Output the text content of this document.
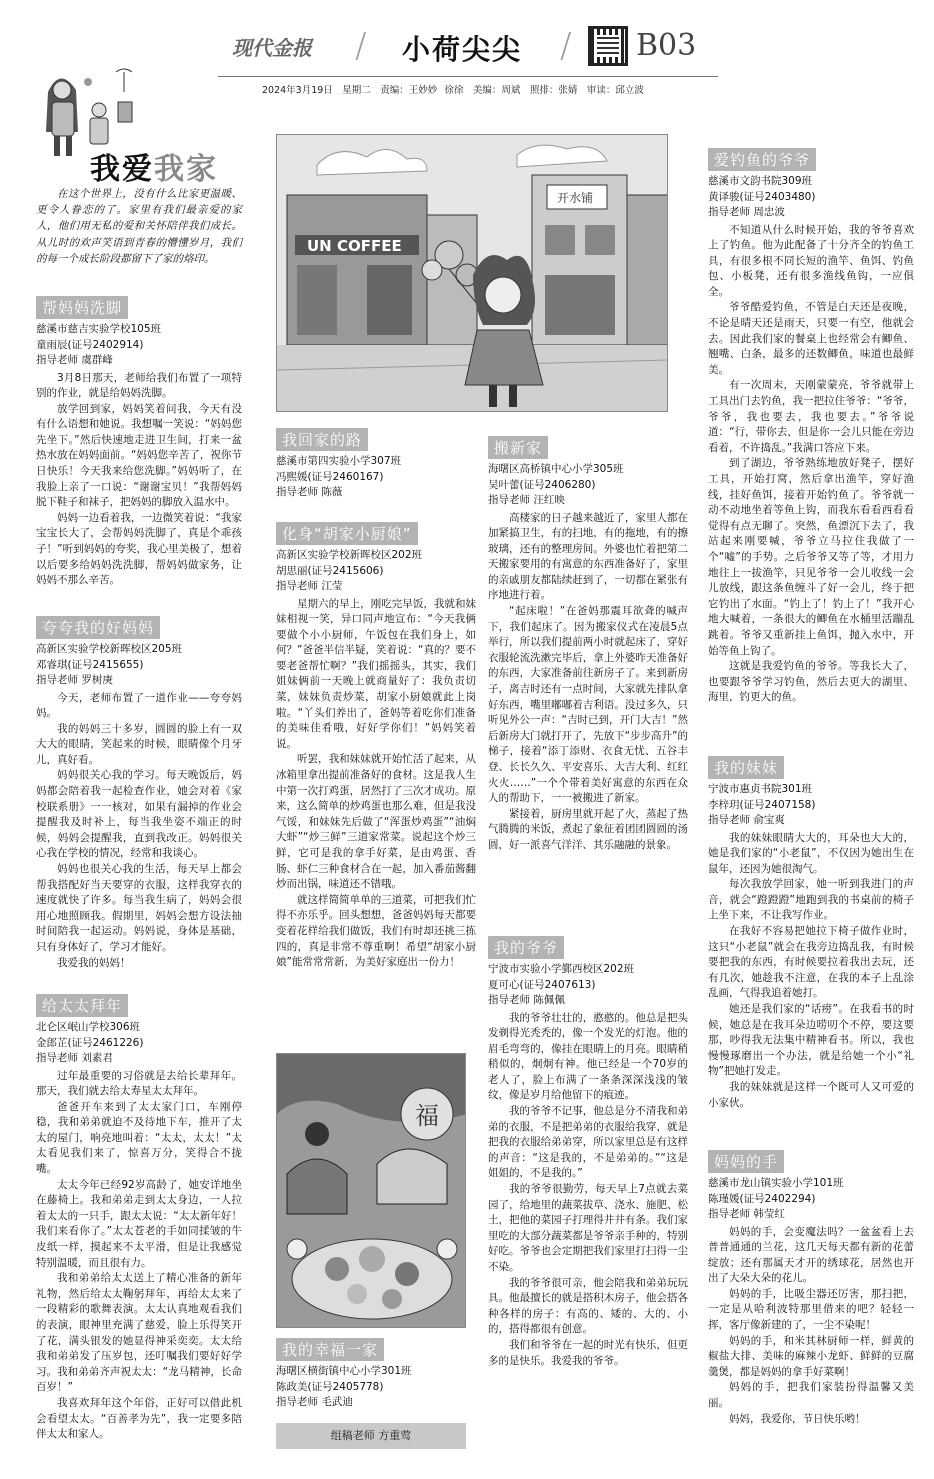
现代金报 / 小荷尖尖 / B03
2024年3月19日　星期二　责编：王妙妙 徐徐　美编：周斌　照排：张婧　审读：邱立波
我爱我家
在这个世界上，没有什么比家更温暖、更令人眷恋的了。家里有我们最亲爱的家人，他们用无私的爱和关怀陪伴我们成长。从儿时的欢声笑语到青春的懵懂岁月，我们的每一个成长阶段都留下了家的烙印。
UN COFFEE
开水铺
福
帮妈妈洗脚
慈溪市慈吉实验学校105班
童雨辰(证号2402914)
指导老师 虞群峰

3月8日那天，老师给我们布置了一项特别的作业，就是给妈妈洗脚。

放学回到家，妈妈笑着问我，今天有没有什么语想和她说。我想嘱一笑说：“妈妈您先坐下。”然后快速地走进卫生间，打来一盆热水放在妈妈面前。“妈妈您辛苦了，祝你节日快乐！今天我来给您洗脚。”妈妈听了，在我脸上亲了一口说：“谢谢宝贝！”我帮妈妈脱下鞋子和袜子，把妈妈的脚放入温水中。

妈妈一边看着我，一边微笑着说：“我家宝宝长大了，会帮妈妈洗脚了，真是个乖孩子！”听到妈妈的夸奖，我心里美极了，想着以后要多给妈妈洗洗脚，帮妈妈做家务，让妈妈不那么辛苦。

夸夸我的好妈妈
高新区实验学校新晖校区205班
邓睿琪(证号2415655)
指导老师 罗树庚

今天，老师布置了一道作业——夸夸妈妈。

我的妈妈三十多岁，圆圆的脸上有一双大大的眼睛，笑起来的时候，眼睛像个月牙儿，真好看。

妈妈很关心我的学习。每天晚饭后，妈妈都会陪着我一起检查作业，她会对着《家校联系册》一一核对，如果有漏掉的作业会提醒我及时补上，每当我坐姿不端正的时候，妈妈会提醒我，直到我改正。妈妈很关心我在学校的情况，经常和我谈心。

妈妈也很关心我的生活，每天早上都会帮我搭配好当天要穿的衣服，这样我穿衣的速度就快了许多。每当我生病了，妈妈会很用心地照顾我。假期里，妈妈会想方设法抽时间陪我一起运动。妈妈说，身体是基础，只有身体好了，学习才能好。

我爱我的妈妈！

给太太拜年
北仑区岷山学校306班
金郎芷(证号2461226)
指导老师 刘素君

过年最重要的习俗就是去给长辈拜年。那天，我们就去给太寿星太太拜年。

爸爸开车来到了太太家门口，车刚停稳，我和弟弟就迫不及待地下车，推开了太太的屋门，响亮地叫着：“太太，太太！”太太看见我们来了，惊喜万分，笑得合不拢嘴。

太太今年已经92岁高龄了，她安详地坐在藤椅上。我和弟弟走到太太身边，一人拉着太太的一只手，跟太太说：“太太新年好！我们来看你了。”太太苍老的手如同揉皱的牛皮纸一样，摸起来不太平滑，但是让我感觉特别温暖，而且很有力。

我和弟弟给太太送上了精心准备的新年礼物，然后给太太鞠躬拜年，再给太太来了一段精彩的歌舞表演。太太认真地观看我们的表演，眼神里充满了慈爱，脸上乐得笑开了花，满头银发的她显得神采奕奕。太太给我和弟弟发了压岁包，还叮嘱我们要好好学习。我和弟弟齐声祝太太：“龙马精神，长命百岁！”

我喜欢拜年这个年俗，正好可以借此机会看望太太。“百善孝为先”，我一定要多陪伴太太和家人。

我回家的路
慈溪市第四实验小学307班
冯熙媛(证号2460167)
指导老师 陈薇
化身“胡家小厨娘”
高新区实验学校新晖校区202班
胡思丽(证号2415606)
指导老师 江莹

星期六的早上，刚吃完早饭，我就和妹妹相视一笑，异口同声地宣布：“今天我俩要做个小小厨师，午饭包在我们身上，如何？”爸爸半信半疑，笑着说：“真的？要不要老爸帮忙啊？”我们摇摇头，其实，我们姐妹俩前一天晚上就商量好了：我负责切菜，妹妹负责炒菜，胡家小厨娘就此上岗啦。“丫头们养出了，爸妈等着吃你们准备的美味佳肴哦，好好学你们！”妈妈笑着说。

听罢，我和妹妹就开始忙活了起来，从冰箱里拿出提前准备好的食材。这是我人生中第一次打鸡蛋，居然打了三次才成功。原来，这么简单的炒鸡蛋也那么难，但是我没气馁，和妹妹先后做了“浑蛋炒鸡蛋”“油焖大虾”“炒三鲜”三道家常菜。说起这个炒三鲜，它可是我的拿手好菜，是由鸡蛋、香肠、虾仁三种食材合在一起，加入番茄酱翻炒而出锅，味道还不错哦。

就这样简简单单的三道菜，可把我们忙得不亦乐乎。回头想想，爸爸妈妈每天都要变着花样给我们做饭，我们有时却还挑三拣四的，真是非常不尊重啊！希望“胡家小厨娘”能常常常新，为美好家庭出一份力！

我的幸福一家
海曙区横街镇中心小学301班
陈政美(证号2405778)
指导老师 毛武迪
搬新家
海曙区高桥镇中心小学305班
吴叶蕾(证号2406280)
指导老师 汪红映

高楼家的日子越来越近了，家里人都在加紧搞卫生，有的扫地，有的拖地，有的擦玻璃，还有的整理房间。外婆也忙着把第二天搬家要用的有寓意的东西准备好了，家里的亲戚朋友都陆续赶到了，一切都在紧张有序地进行着。

“起床啦！”在爸妈那震耳欲聋的喊声下，我们起床了。因为搬家仪式在凌晨5点举行，所以我们提前两小时就起床了，穿好衣服轮流洗漱完毕后，拿上外婆昨天准备好的东西，大家准备前往新房子了。来到新房子，离吉时还有一点时间，大家就先排队拿好东西，嘴里嘟嘟着吉利语。没过多久，只听见外公一声：“吉时已到，开门大吉！”然后新房大门就打开了，先放下“步步高升”的梯子，接着“添丁添财、衣食无忧、五谷丰登、长长久久、平安喜乐、大吉大利、红红火火……”一个个带着美好寓意的东西在众人的帮助下，一一被搬进了新家。

紧接着，厨房里就开起了火，蒸起了热气腾腾的米饭，煮起了象征着团团圆圆的汤圆，好一派喜气洋洋、其乐融融的景象。

我的爷爷
宁波市实验小学鄞西校区202班
夏可心(证号2407613)
指导老师 陈佩佩

我的爷爷壮壮的，憨憨的。他总是把头发剃得光秃秃的，像一个发光的灯泡。他的眉毛弯弯的，像挂在眼睛上的月亮。眼睛稍稍似的，炯炯有神。他已经是一个70岁的老人了，脸上布满了一条条深深浅浅的皱纹，像是岁月给他留下的痕迹。

我的爷爷不记事，他总是分不清我和弟弟的衣服，不是把弟弟的衣服给我穿，就是把我的衣服给弟弟穿，所以家里总是有这样的声音：“这是我的，不是弟弟的。”“这是姐姐的，不是我的。”

我的爷爷很勤劳，每天早上7点就去菜园了，给地里的蔬菜拔草、浇水、施肥、松土，把他的菜园子打理得井井有条。我们家里吃的大部分蔬菜都是爷爷亲手种的，特别好吃。爷爷也会定期把我们家里打扫得一尘不染。

我的爷爷很可亲，他会陪我和弟弟玩玩具。他最擅长的就是搭积木房子，他会搭各种各样的房子：有高的、矮的、大的、小的，搭得都很有创意。

我们和爷爷在一起的时光有快乐，但更多的是快乐。我爱我的爷爷。

爱钓鱼的爷爷
慈溪市文韵书院309班
黄译骏(证号2403480)
指导老师 周忠波

不知道从什么时候开始，我的爷爷喜欢上了钓鱼。他为此配备了十分齐全的钓鱼工具，有很多根不同长短的渔竿、鱼饵、钓鱼包、小板凳，还有很多渔线鱼钩，一应俱全。

爷爷酷爱钓鱼，不管是白天还是夜晚，不论是晴天还是雨天，只要一有空，他就会去。因此我们家的餐桌上也经常会有鲫鱼、翘嘴、白条，最多的还数鲫鱼，味道也最鲜美。

有一次周末，天刚蒙蒙亮，爷爷就带上工具出门去钓鱼，我一把拉住爷爷：“爷爷，爷爷，我也要去，我也要去。”爷爷说道：“行，带你去，但是你一会儿只能在旁边看着，不许捣乱。”我满口答应下来。

到了湖边，爷爷熟练地放好凳子，摆好工具，开始打窝，然后拿出渔竿，穿好渔线，挂好鱼饵，接着开始钓鱼了。爷爷就一动不动地坐着等鱼上钩，而我东看看西看看觉得有点无聊了。突然，鱼漂沉下去了，我站起来刚要喊，爷爷立马拉住我做了一个“嘘”的手势。之后爷爷又等了等，才用力地往上一拔渔竿，只见爷爷一会儿收线一会儿放线，跟这条鱼缠斗了好一会儿，终于把它钓出了水面。“钓上了！钓上了！”我开心地大喊着，一条很大的鲫鱼在水桶里活蹦乱跳着。爷爷又重新挂上鱼饵，抛入水中，开始等鱼上钩了。

这就是我爱钓鱼的爷爷。等我长大了，也要跟爷爷学习钓鱼，然后去更大的湖里、海里，钓更大的鱼。

我的妹妹
宁波市惠贞书院301班
李梓玥(证号2407158)
指导老师 俞宝爽

我的妹妹眼睛大大的，耳朵也大大的，她是我们家的“小老鼠”，不仅因为她出生在鼠年，还因为她很淘气。

每次我放学回家，她一听到我进门的声音，就会“蹬蹬蹬”地跑到我的书桌前的椅子上坐下来，不让我写作业。

在我好不容易把她拉下椅子做作业时，这只“小老鼠”就会在我旁边捣乱我，有时候要把我的东西，有时候要拉着我出去玩，还有几次，她趁我不注意，在我的本子上乱涂乱画，气得我追着她打。

她还是我们家的“话痨”。在我看书的时候，她总是在我耳朵边唠叨个不停，要这要那，吵得我无法集中精神看书。所以，我也慢慢琢磨出一个办法，就是给她一个小“礼物”把她打发走。

我的妹妹就是这样一个既可人又可爱的小家伙。

妈妈的手
慈溪市龙山镇实验小学101班
陈瑾媛(证号2402294)
指导老师 韩莹红

妈妈的手，会变魔法吗？一盆盆看上去普普通通的兰花，这几天每天都有新的花蕾绽放；还有那属天才开的绣球花，居然也开出了大朵大朵的花儿。

妈妈的手，比吸尘器还厉害，那扫把，一定是从哈利波特那里借来的吧？轻轻一挥，客厅像新建的了，一尘不染呢！

妈妈的手，和米其林厨师一样，鲜黄的椒盐大排、美味的麻辣小龙虾、鲜鲜的豆腐羹煲，都是妈妈的拿手好菜啊！

妈妈的手，把我们家装扮得温馨又美丽。

妈妈，我爱你，节日快乐哟！

组稿老师 方重莺
